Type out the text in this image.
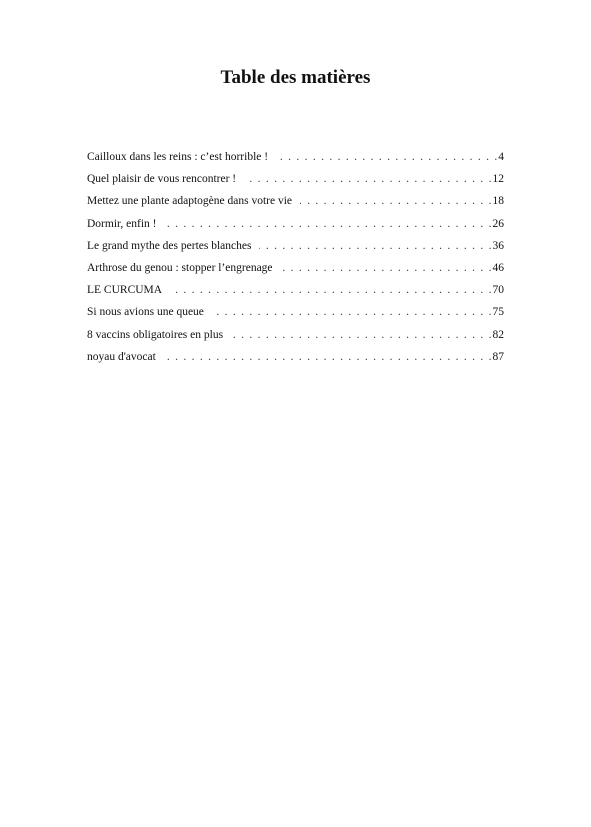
Table des matières
Cailloux dans les reins : c’est horrible ! . . .	4
Quel plaisir de vous rencontrer ! . . .	12
Mettez une plante adaptogène dans votre vie . . .	18
Dormir, enfin ! . . .	26
Le grand mythe des pertes blanches . . .	36
Arthrose du genou : stopper l’engrenage . . .	46
LE CURCUMA . . .	70
Si nous avions une queue . . .	75
8 vaccins obligatoires en plus . . .	82
noyau d'avocat . . .	87
